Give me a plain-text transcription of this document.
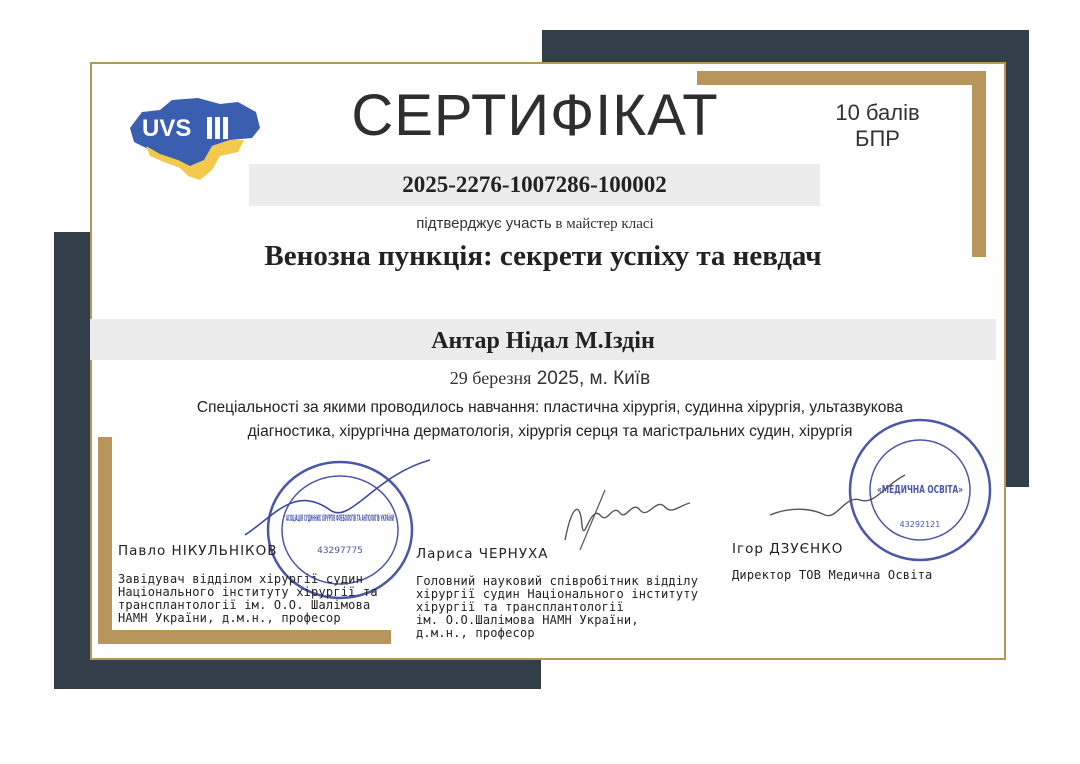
UVS	СЕРТИФІКАТ	10 балів
БПР
2025-2276-1007286-100002
підтверджує участь в майстер класі
Венозна пункція: секрети успіху та невдач
Антар Нідал М.Іздін
29 березня 2025, м. Київ
Спеціальності за якими проводилось навчання: пластична хірургія, судинна хірургія, ультазвукова
діагностика, хірургічна дерматологія, хірургія серця та магістральних судин, хірургія
43297775
«МЕДИЧНА ОСВІТА»
43292121
Павло НІКУЛЬНІКОВ
Завідувач відділом хірургії судин
Національного інституту хірургії та
трансплантології ім. О.О. Шалімова
НАМН України, д.м.н., професор
Лариса ЧЕРНУХА
Головний науковий співробітник відділу
хірургії судин Національного інституту
хірургії та трансплантології
ім. О.О.Шалімова НАМН України,
д.м.н., професор
Ігор ДЗУЄНКО
Директор ТОВ Медична Освіта
